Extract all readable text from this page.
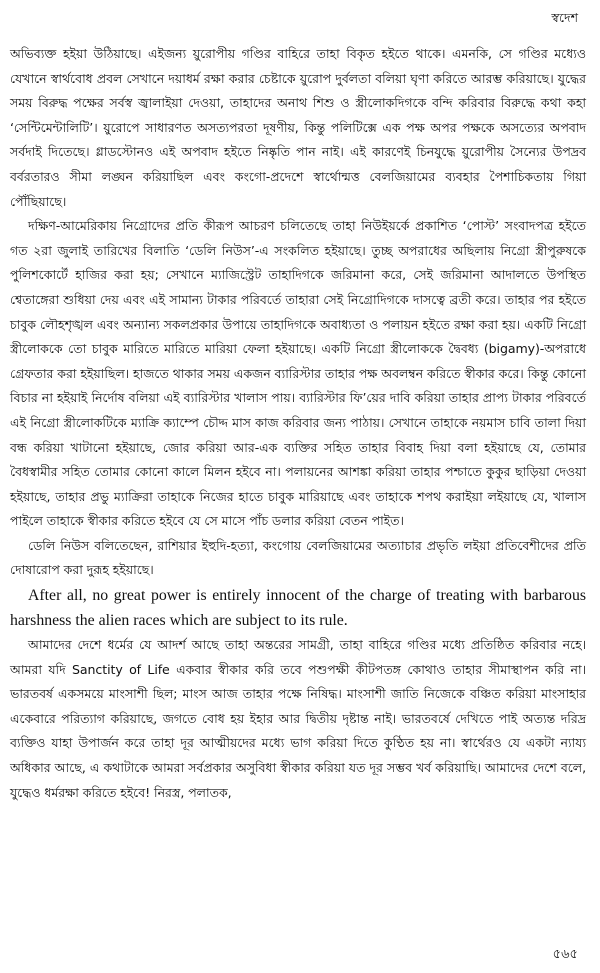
স্বদেশ

অভিব্যক্ত হইয়া উঠিয়াছে। এইজন্য য়ুরোপীয় গণ্ডির বাহিরে তাহা বিকৃত হইতে থাকে। এমনকি, সে গণ্ডির মধ্যেও যেখানে স্বার্থবোধ প্রবল সেখানে দয়াধর্ম রক্ষা করার চেষ্টাকে য়ুরোপ দুর্বলতা বলিয়া ঘৃণা করিতে আরম্ভ করিয়াছে। যুদ্ধের সময় বিরুদ্ধ পক্ষের সর্বস্ব জ্বালাইয়া দেওয়া, তাহাদের অনাথ শিশু ও স্ত্রীলোকদিগকে বন্দি করিবার বিরুদ্ধে কথা কহা ‘সেন্টিমেন্টালিটি’। য়ুরোপে সাধারণত অসত্যপরতা দূষণীয়, কিন্তু পলিটিক্সে এক পক্ষ অপর পক্ষকে অসত্যের অপবাদ সর্বদাই দিতেছে। গ্লাডস্টোনও এই অপবাদ হইতে নিষ্কৃতি পান নাই। এই কারণেই চিনযুদ্ধে য়ুরোপীয় সৈন্যের উপদ্রব বর্বরতারও সীমা লঙ্ঘন করিয়াছিল এবং কংগো-প্রদেশে স্বার্থোন্মত্ত বেলজিয়ামের ব্যবহার পৈশাচিকতায় গিয়া পৌঁছিয়াছে।

দক্ষিণ-আমেরিকায় নিগ্রোদের প্রতি কীরূপ আচরণ চলিতেছে তাহা নিউইয়র্কে প্রকাশিত ‘পোস্ট’ সংবাদপত্র হইতে গত ২রা জুলাই তারিখের বিলাতি ‘ডেলি নিউস’-এ সংকলিত হইয়াছে। তুচ্ছ অপরাধের অছিলায় নিগ্রো স্ত্রীপুরুষকে পুলিশকোর্টে হাজির করা হয়; সেখানে ম্যাজিস্ট্রেট তাহাদিগকে জরিমানা করে, সেই জরিমানা আদালতে উপস্থিত শ্বেতাঙ্গেরা শুধিয়া দেয় এবং এই সামান্য টাকার পরিবর্তে তাহারা সেই নিগ্রোদিগকে দাসত্বে ব্রতী করে। তাহার পর হইতে চাবুক লৌহশৃঙ্খল এবং অন্যান্য সকলপ্রকার উপায়ে তাহাদিগকে অবাধ্যতা ও পলায়ন হইতে রক্ষা করা হয়। একটি নিগ্রো স্ত্রীলোককে তো চাবুক মারিতে মারিতে মারিয়া ফেলা হইয়াছে। একটি নিগ্রো স্ত্রীলোককে দ্বৈবধ্য (bigamy)-অপরাধে গ্রেফতার করা হইয়াছিল। হাজতে থাকার সময় একজন ব্যারিস্টার তাহার পক্ষ অবলম্বন করিতে স্বীকার করে। কিন্তু কোনো বিচার না হইয়াই নির্দোষ বলিয়া এই ব্যারিস্টার খালাস পায়। ব্যারিস্টার ফি’য়ের দাবি করিয়া তাহার প্রাপ্য টাকার পরিবর্তে এই নিগ্রো স্ত্রীলোকটিকে ম্যাক্রি ক্যাম্পে চৌদ্দ মাস কাজ করিবার জন্য পাঠায়। সেখানে তাহাকে নয়মাস চাবি তালা দিয়া বন্ধ করিয়া খাটানো হইয়াছে, জোর করিয়া আর-এক ব্যক্তির সহিত তাহার বিবাহ দিয়া বলা হইয়াছে যে, তোমার বৈধস্বামীর সহিত তোমার কোনো কালে মিলন হইবে না। পলায়নের আশঙ্কা করিয়া তাহার পশ্চাতে কুকুর ছাড়িয়া দেওয়া হইয়াছে, তাহার প্রভু ম্যাক্রিরা তাহাকে নিজের হাতে চাবুক মারিয়াছে এবং তাহাকে শপথ করাইয়া লইয়াছে যে, খালাস পাইলে তাহাকে স্বীকার করিতে হইবে যে সে মাসে পাঁচ ডলার করিয়া বেতন পাইত।

ডেলি নিউস বলিতেছেন, রাশিয়ার ইহুদি-হত্যা, কংগোয় বেলজিয়ামের অত্যাচার প্রভৃতি লইয়া প্রতিবেশীদের প্রতি দোষারোপ করা দুরূহ হইয়াছে।

After all, no great power is entirely innocent of the charge of treating with barbarous harshness the alien races which are subject to its rule.

আমাদের দেশে ধর্মের যে আদর্শ আছে তাহা অন্তরের সামগ্রী, তাহা বাহিরে গণ্ডির মধ্যে প্রতিষ্ঠিত করিবার নহে। আমরা যদি Sanctity of Life একবার স্বীকার করি তবে পশুপক্ষী কীটপতঙ্গ কোথাও তাহার সীমাস্থাপন করি না। ভারতবর্ষ একসময়ে মাংসাশী ছিল; মাংস আজ তাহার পক্ষে নিষিদ্ধ। মাংসাশী জাতি নিজেকে বঞ্চিত করিয়া মাংসাহার একেবারে পরিত্যাগ করিয়াছে, জগতে বোধ হয় ইহার আর দ্বিতীয় দৃষ্টান্ত নাই। ভারতবর্ষে দেখিতে পাই অত্যন্ত দরিদ্র ব্যক্তিও যাহা উপার্জন করে তাহা দূর আত্মীয়দের মধ্যে ভাগ করিয়া দিতে কুণ্ঠিত হয় না। স্বার্থেরও যে একটা ন্যায্য অধিকার আছে, এ কথাটাকে আমরা সর্বপ্রকার অসুবিধা স্বীকার করিয়া যত দূর সম্ভব খর্ব করিয়াছি। আমাদের দেশে বলে, যুদ্ধেও ধর্মরক্ষা করিতে হইবে! নিরস্ত্র, পলাতক,

৫৬৫
